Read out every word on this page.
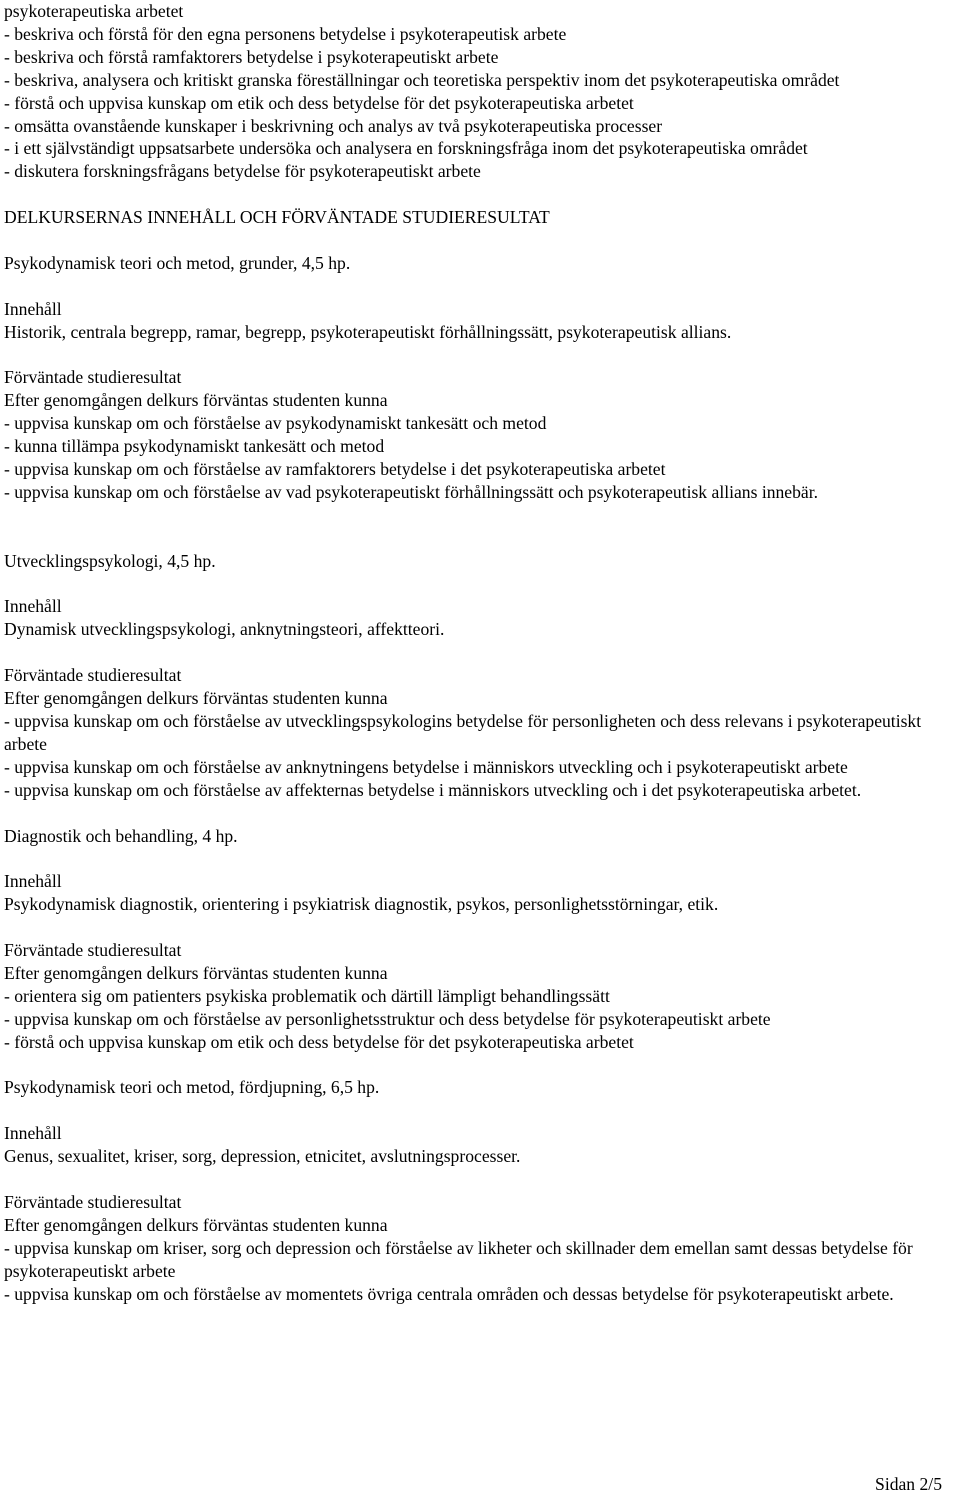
psykoterapeutiska arbetet

- beskriva och förstå för den egna personens betydelse i psykoterapeutisk arbete

- beskriva och förstå ramfaktorers betydelse i psykoterapeutiskt arbete

- beskriva, analysera och kritiskt granska föreställningar och teoretiska perspektiv inom det psykoterapeutiska området

- förstå och uppvisa kunskap om etik och dess betydelse för det psykoterapeutiska arbetet

- omsätta ovanstående kunskaper i beskrivning och analys av två psykoterapeutiska processer

- i ett självständigt uppsatsarbete undersöka och analysera en forskningsfråga inom det psykoterapeutiska området

- diskutera forskningsfrågans betydelse för psykoterapeutiskt arbete

DELKURSERNAS INNEHÅLL OCH FÖRVÄNTADE STUDIERESULTAT

Psykodynamisk teori och metod, grunder, 4,5 hp.

Innehåll

Historik, centrala begrepp, ramar, begrepp, psykoterapeutiskt förhållningssätt, psykoterapeutisk allians.

Förväntade studieresultat

Efter genomgången delkurs förväntas studenten kunna

- uppvisa kunskap om och förståelse av psykodynamiskt tankesätt och metod

- kunna tillämpa psykodynamiskt tankesätt och metod

- uppvisa kunskap om och förståelse av ramfaktorers betydelse i det psykoterapeutiska arbetet

- uppvisa kunskap om och förståelse av vad psykoterapeutiskt förhållningssätt och psykoterapeutisk allians innebär.

Utvecklingspsykologi, 4,5 hp.

Innehåll

Dynamisk utvecklingspsykologi, anknytningsteori, affektteori.

Förväntade studieresultat

Efter genomgången delkurs förväntas studenten kunna

- uppvisa kunskap om och förståelse av utvecklingspsykologins betydelse för personligheten och dess relevans i psykoterapeutiskt arbete

- uppvisa kunskap om och förståelse av anknytningens betydelse i människors utveckling och i psykoterapeutiskt arbete

- uppvisa kunskap om och förståelse av affekternas betydelse i människors utveckling och i det psykoterapeutiska arbetet.

Diagnostik och behandling, 4 hp.

Innehåll

Psykodynamisk diagnostik, orientering i psykiatrisk diagnostik, psykos, personlighetsstörningar, etik.

Förväntade studieresultat

Efter genomgången delkurs förväntas studenten kunna

- orientera sig om patienters psykiska problematik och därtill lämpligt behandlingssätt

- uppvisa kunskap om och förståelse av personlighetsstruktur och dess betydelse för psykoterapeutiskt arbete

- förstå och uppvisa kunskap om etik och dess betydelse för det psykoterapeutiska arbetet

Psykodynamisk teori och metod, fördjupning, 6,5 hp.

Innehåll

Genus, sexualitet, kriser, sorg, depression, etnicitet, avslutningsprocesser.

Förväntade studieresultat

Efter genomgången delkurs förväntas studenten kunna

- uppvisa kunskap om kriser, sorg och depression och förståelse av likheter och skillnader dem emellan samt dessas betydelse för psykoterapeutiskt arbete

- uppvisa kunskap om och förståelse av momentets övriga centrala områden och dessas betydelse för psykoterapeutiskt arbete.

Sidan 2/5
